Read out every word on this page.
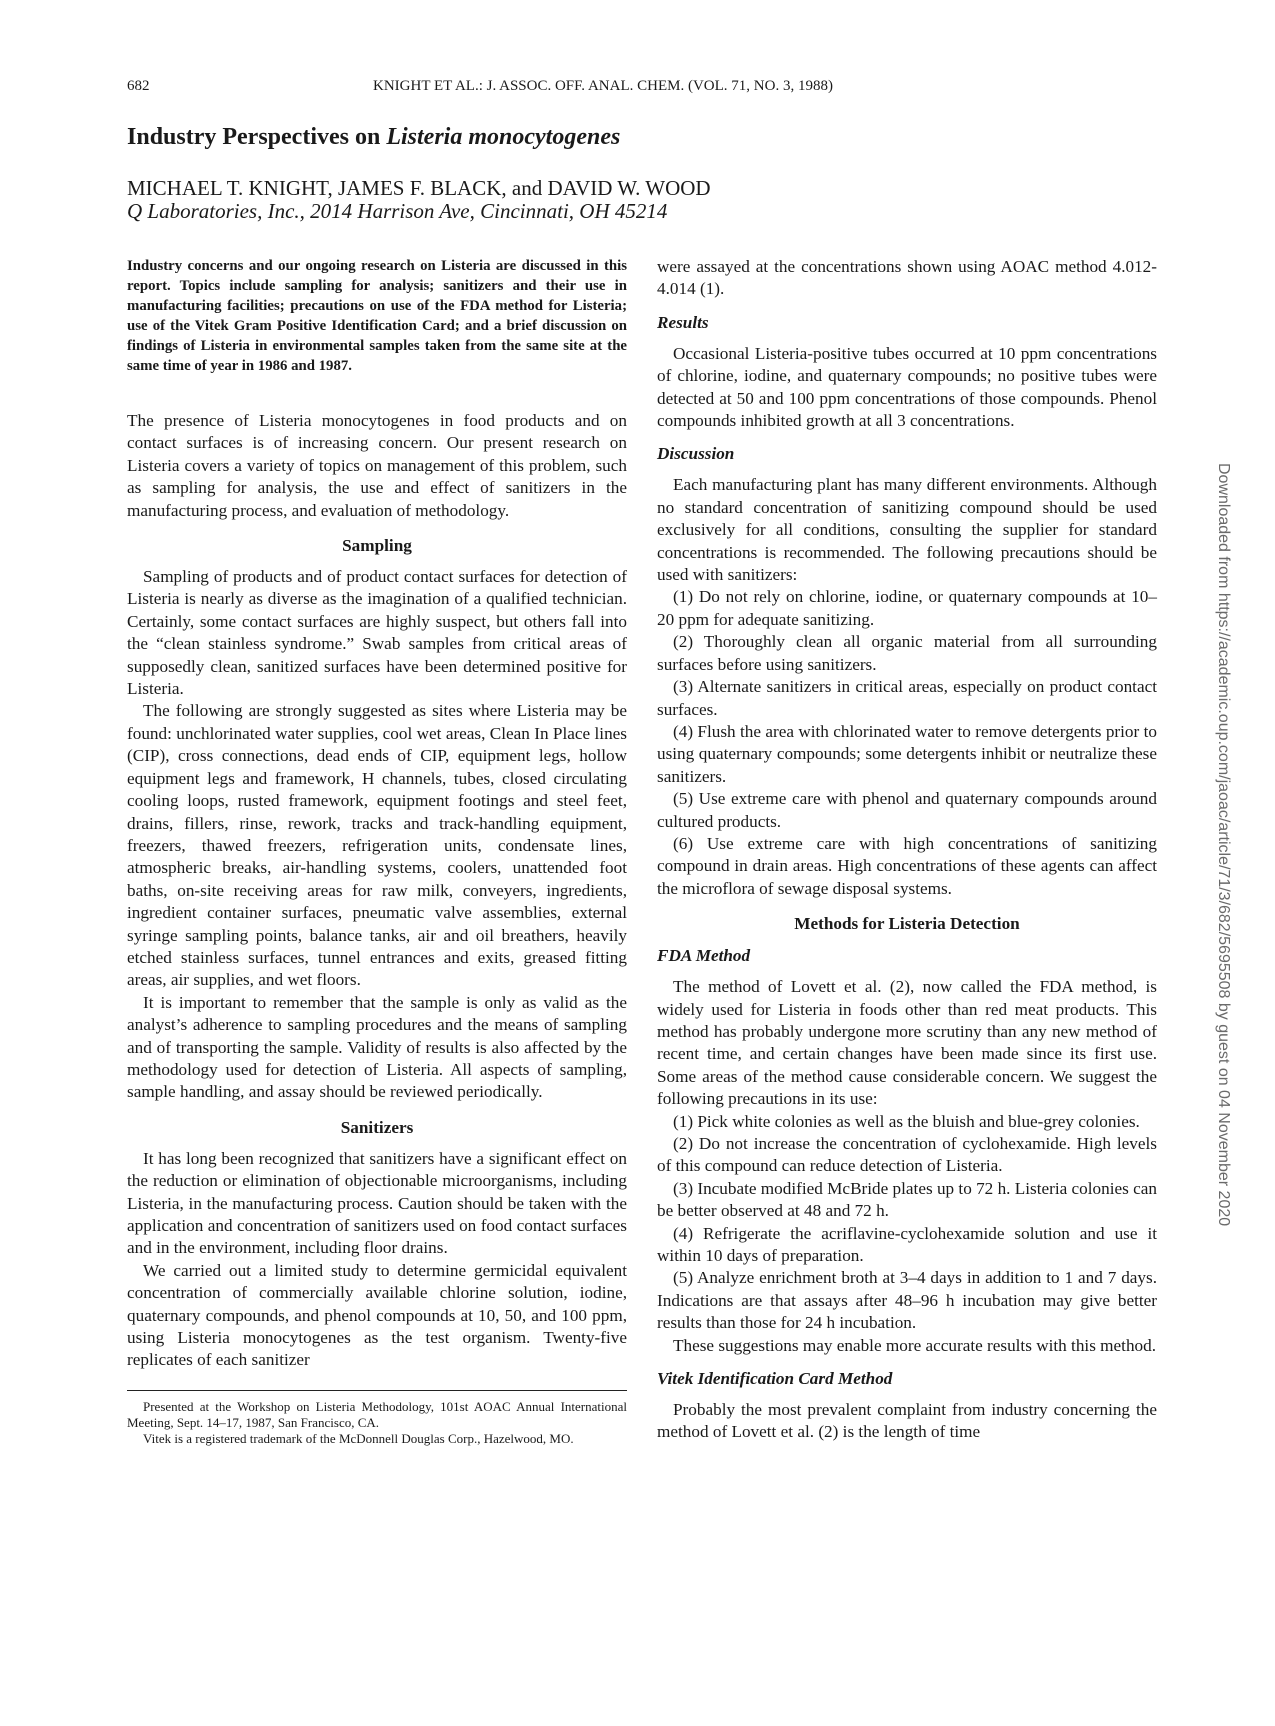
682	KNIGHT ET AL.: J. ASSOC. OFF. ANAL. CHEM. (VOL. 71, NO. 3, 1988)
Industry Perspectives on Listeria monocytogenes
MICHAEL T. KNIGHT, JAMES F. BLACK, and DAVID W. WOOD
Q Laboratories, Inc., 2014 Harrison Ave, Cincinnati, OH 45214

Industry concerns and our ongoing research on Listeria are discussed in this report. Topics include sampling for analysis; sanitizers and their use in manufacturing facilities; precautions on use of the FDA method for Listeria; use of the Vitek Gram Positive Identification Card; and a brief discussion on findings of Listeria in environmental samples taken from the same site at the same time of year in 1986 and 1987.

The presence of Listeria monocytogenes in food products and on contact surfaces is of increasing concern. Our present research on Listeria covers a variety of topics on management of this problem, such as sampling for analysis, the use and effect of sanitizers in the manufacturing process, and evaluation of methodology.

Sampling

Sampling of products and of product contact surfaces for detection of Listeria is nearly as diverse as the imagination of a qualified technician. Certainly, some contact surfaces are highly suspect, but others fall into the “clean stainless syndrome.” Swab samples from critical areas of supposedly clean, sanitized surfaces have been determined positive for Listeria.

The following are strongly suggested as sites where Listeria may be found: unchlorinated water supplies, cool wet areas, Clean In Place lines (CIP), cross connections, dead ends of CIP, equipment legs, hollow equipment legs and framework, H channels, tubes, closed circulating cooling loops, rusted framework, equipment footings and steel feet, drains, fillers, rinse, rework, tracks and track-handling equipment, freezers, thawed freezers, refrigeration units, condensate lines, atmospheric breaks, air-handling systems, coolers, unattended foot baths, on-site receiving areas for raw milk, conveyers, ingredients, ingredient container surfaces, pneumatic valve assemblies, external syringe sampling points, balance tanks, air and oil breathers, heavily etched stainless surfaces, tunnel entrances and exits, greased fitting areas, air supplies, and wet floors.

It is important to remember that the sample is only as valid as the analyst’s adherence to sampling procedures and the means of sampling and of transporting the sample. Validity of results is also affected by the methodology used for detection of Listeria. All aspects of sampling, sample handling, and assay should be reviewed periodically.

Sanitizers

It has long been recognized that sanitizers have a significant effect on the reduction or elimination of objectionable microorganisms, including Listeria, in the manufacturing process. Caution should be taken with the application and concentration of sanitizers used on food contact surfaces and in the environment, including floor drains.

We carried out a limited study to determine germicidal equivalent concentration of commercially available chlorine solution, iodine, quaternary compounds, and phenol compounds at 10, 50, and 100 ppm, using Listeria monocytogenes as the test organism. Twenty-five replicates of each sanitizer

Presented at the Workshop on Listeria Methodology, 101st AOAC Annual International Meeting, Sept. 14–17, 1987, San Francisco, CA.

Vitek is a registered trademark of the McDonnell Douglas Corp., Hazelwood, MO.

were assayed at the concentrations shown using AOAC method 4.012-4.014 (1).

Results

Occasional Listeria-positive tubes occurred at 10 ppm concentrations of chlorine, iodine, and quaternary compounds; no positive tubes were detected at 50 and 100 ppm concentrations of those compounds. Phenol compounds inhibited growth at all 3 concentrations.

Discussion

Each manufacturing plant has many different environments. Although no standard concentration of sanitizing compound should be used exclusively for all conditions, consulting the supplier for standard concentrations is recommended. The following precautions should be used with sanitizers:

(1) Do not rely on chlorine, iodine, or quaternary compounds at 10–20 ppm for adequate sanitizing.

(2) Thoroughly clean all organic material from all surrounding surfaces before using sanitizers.

(3) Alternate sanitizers in critical areas, especially on product contact surfaces.

(4) Flush the area with chlorinated water to remove detergents prior to using quaternary compounds; some detergents inhibit or neutralize these sanitizers.

(5) Use extreme care with phenol and quaternary compounds around cultured products.

(6) Use extreme care with high concentrations of sanitizing compound in drain areas. High concentrations of these agents can affect the microflora of sewage disposal systems.

Methods for Listeria Detection
FDA Method

The method of Lovett et al. (2), now called the FDA method, is widely used for Listeria in foods other than red meat products. This method has probably undergone more scrutiny than any new method of recent time, and certain changes have been made since its first use. Some areas of the method cause considerable concern. We suggest the following precautions in its use:

(1) Pick white colonies as well as the bluish and blue-grey colonies.

(2) Do not increase the concentration of cyclohexamide. High levels of this compound can reduce detection of Listeria.

(3) Incubate modified McBride plates up to 72 h. Listeria colonies can be better observed at 48 and 72 h.

(4) Refrigerate the acriflavine-cyclohexamide solution and use it within 10 days of preparation.

(5) Analyze enrichment broth at 3–4 days in addition to 1 and 7 days. Indications are that assays after 48–96 h incubation may give better results than those for 24 h incubation.

These suggestions may enable more accurate results with this method.

Vitek Identification Card Method

Probably the most prevalent complaint from industry concerning the method of Lovett et al. (2) is the length of time

Downloaded from https://academic.oup.com/jaoac/article/71/3/682/5695508 by guest on 04 November 2020
